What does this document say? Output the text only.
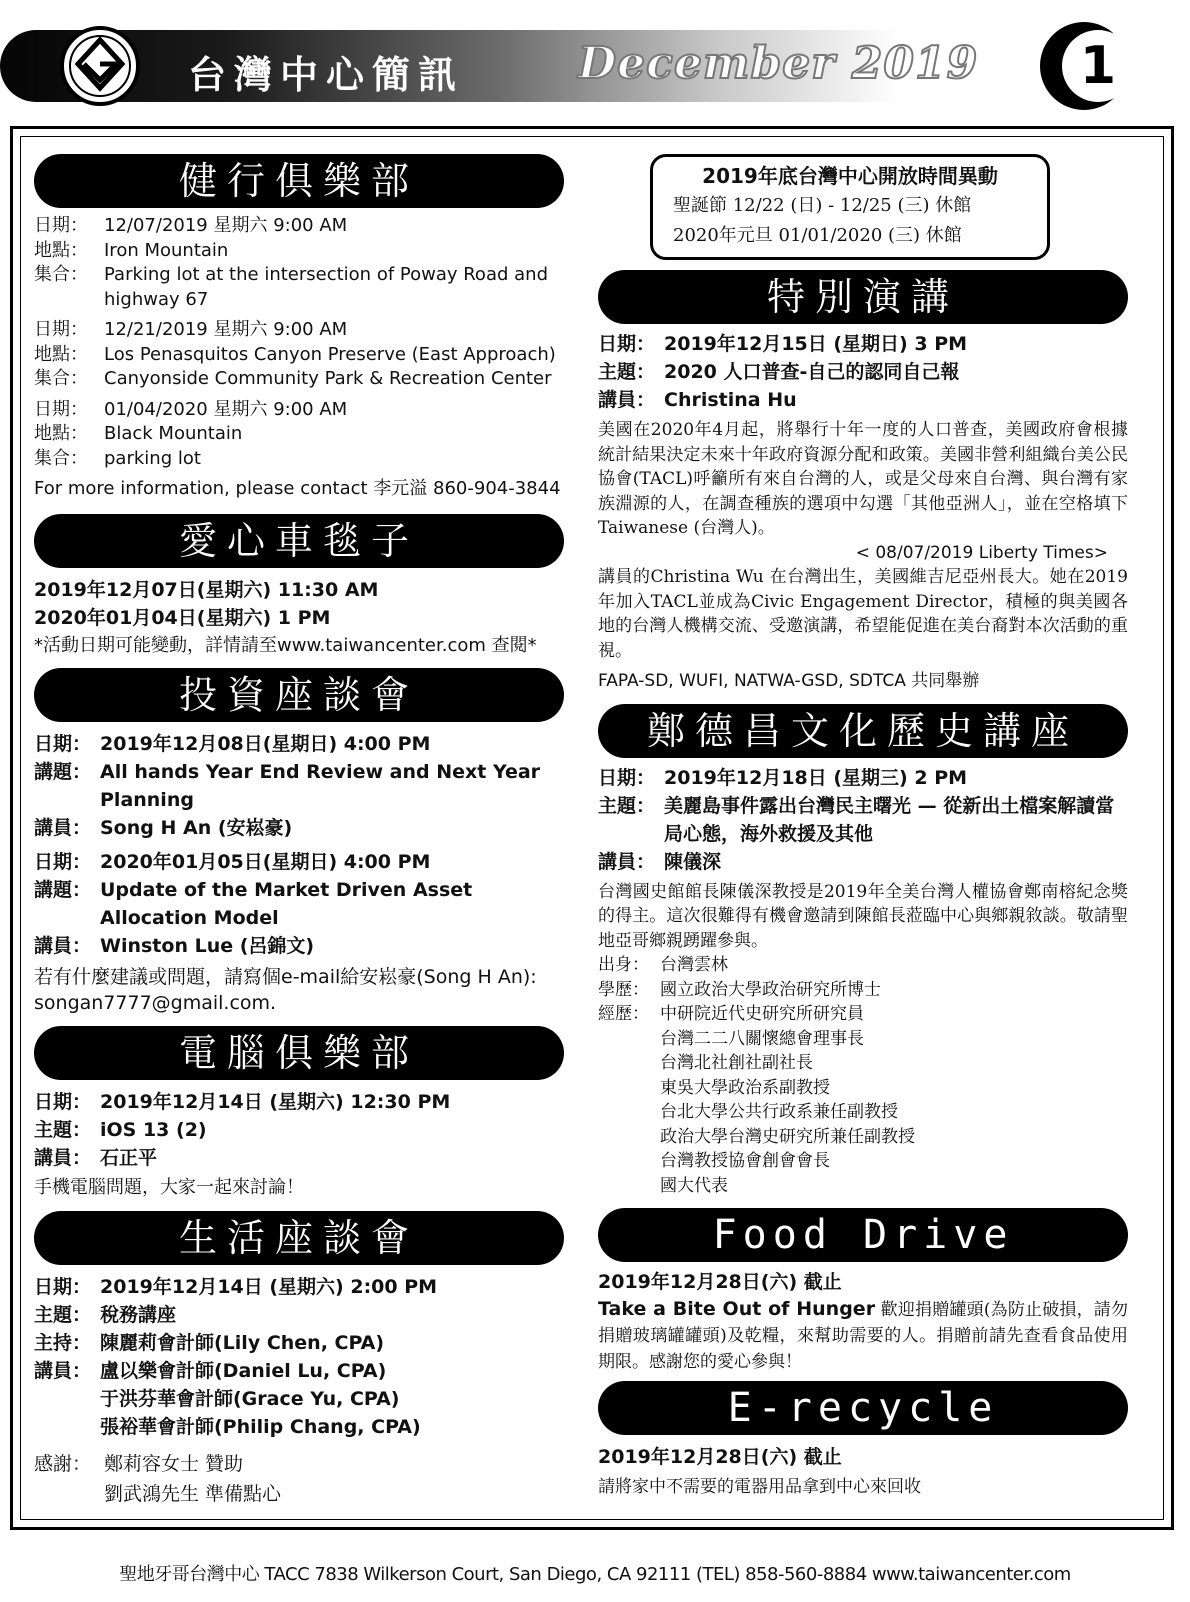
台灣中心簡訊	December 2019	1
健行俱樂部
日期： 12/07/2019 星期六 9:00 AM
地點： Iron Mountain
集合： Parking lot at the intersection of Poway Road and highway 67
日期： 12/21/2019 星期六 9:00 AM
地點： Los Penasquitos Canyon Preserve (East Approach)
集合： Canyonside Community Park & Recreation Center
日期： 01/04/2020 星期六 9:00 AM
地點： Black Mountain
集合： parking lot
For more information, please contact 李元溢 860-904-3844
愛心車毯子
2019年12月07日(星期六) 11:30 AM
2020年01月04日(星期六) 1 PM
*活動日期可能變動，詳情請至www.taiwancenter.com 查閱*
投資座談會
日期： 2019年12月08日(星期日) 4:00 PM
講題： All hands Year End Review and Next Year Planning
講員： Song H An (安崧豪)
日期： 2020年01月05日(星期日) 4:00 PM
講題： Update of the Market Driven Asset Allocation Model
講員： Winston Lue (呂錦文)
若有什麼建議或問題，請寫個e-mail給安崧豪(Song H An): songan7777@gmail.com.
電腦俱樂部
日期： 2019年12月14日 (星期六) 12:30 PM
主題： iOS 13 (2)
講員： 石正平
手機電腦問題，大家一起來討論！
生活座談會
日期： 2019年12月14日 (星期六) 2:00 PM
主題： 稅務講座
主持： 陳麗莉會計師(Lily Chen, CPA)
講員： 盧以樂會計師(Daniel Lu, CPA)
于洪芬華會計師(Grace Yu, CPA)
張裕華會計師(Philip Chang, CPA)
感謝： 鄭莉容女士 贊助
劉武鴻先生 準備點心
2019年底台灣中心開放時間異動
聖誕節 12/22 (日) - 12/25 (三) 休館
2020年元旦 01/01/2020 (三) 休館
特別演講
日期： 2019年12月15日 (星期日) 3 PM
主題： 2020 人口普查-自己的認同自己報
講員： Christina Hu
美國在2020年4月起，將舉行十年一度的人口普查，美國政府會根據統計結果決定未來十年政府資源分配和政策。美國非營利組織台美公民協會(TACL)呼籲所有來自台灣的人，或是父母來自台灣、與台灣有家族淵源的人，在調查種族的選項中勾選「其他亞洲人」，並在空格填下Taiwanese (台灣人)。
< 08/07/2019 Liberty Times>
講員的Christina Wu 在台灣出生，美國維吉尼亞州長大。她在2019年加入TACL並成為Civic Engagement Director，積極的與美國各地的台灣人機構交流、受邀演講，希望能促進在美台裔對本次活動的重視。
FAPA-SD, WUFI, NATWA-GSD, SDTCA 共同舉辦
鄭德昌文化歷史講座
日期： 2019年12月18日 (星期三) 2 PM
主題： 美麗島事件露出台灣民主曙光 — 從新出土檔案解讀當局心態，海外救援及其他
講員： 陳儀深
台灣國史館館長陳儀深教授是2019年全美台灣人權協會鄭南榕紀念獎的得主。這次很難得有機會邀請到陳館長蒞臨中心與鄉親敘談。敬請聖地亞哥鄉親踴躍參與。
出身： 台灣雲林
學歷： 國立政治大學政治研究所博士
經歷： 中研院近代史研究所研究員
台灣二二八關懷總會理事長
台灣北社創社副社長
東吳大學政治系副教授
台北大學公共行政系兼任副教授
政治大學台灣史研究所兼任副教授
台灣教授協會創會會長
國大代表
Food Drive
2019年12月28日(六) 截止
Take a Bite Out of Hunger 歡迎捐贈罐頭(為防止破損，請勿捐贈玻璃罐罐頭)及乾糧，來幫助需要的人。捐贈前請先查看食品使用期限。感謝您的愛心參與！
E-recycle
2019年12月28日(六) 截止
請將家中不需要的電器用品拿到中心來回收
聖地牙哥台灣中心 TACC 7838 Wilkerson Court, San Diego, CA 92111 (TEL) 858-560-8884 www.taiwancenter.com
